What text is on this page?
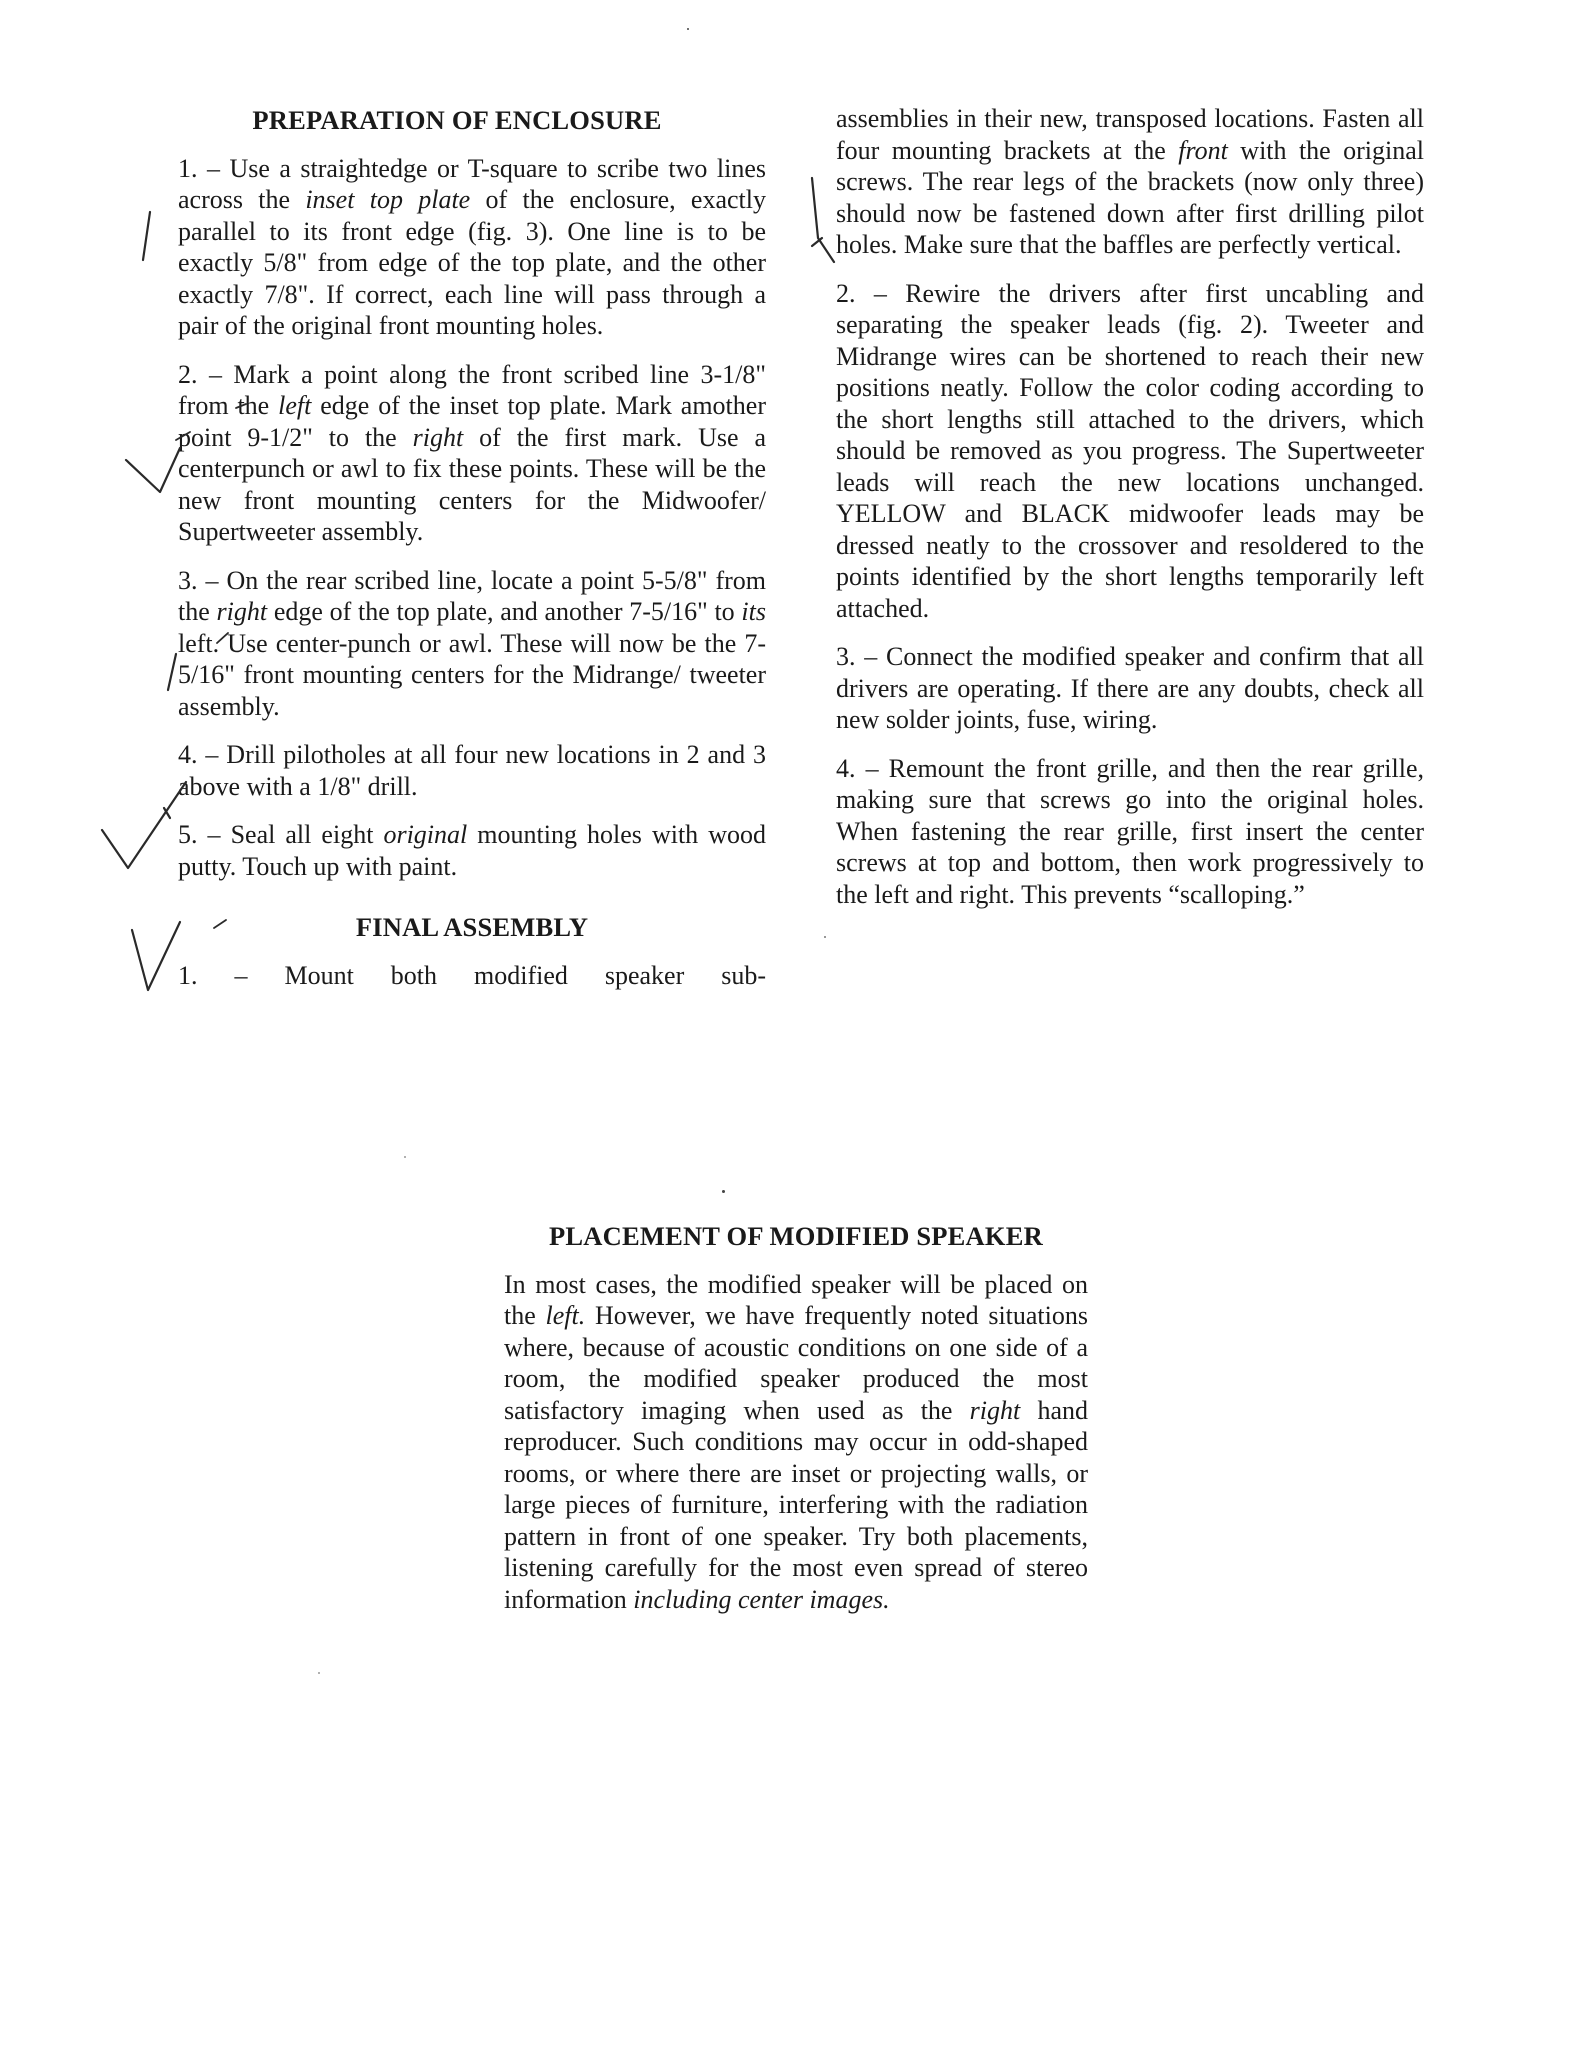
PREPARATION OF ENCLOSURE

1. – Use a straightedge or T-square to scribe two lines across the inset top plate of the enclosure, exactly parallel to its front edge (fig. 3). One line is to be exactly 5/8" from edge of the top plate, and the other exactly 7/8". If correct, each line will pass through a pair of the original front mounting holes.

2. – Mark a point along the front scribed line 3-1/8" from the left edge of the inset top plate. Mark amother point 9-1/2" to the right of the first mark. Use a centerpunch or awl to fix these points. These will be the new front mounting centers for the Midwoofer/ Supertweeter assembly.

3. – On the rear scribed line, locate a point 5-5/8" from the right edge of the top plate, and another 7-5/16" to its left. Use center-punch or awl. These will now be the 7-5/16" front mounting centers for the Midrange/ tweeter assembly.

4. – Drill pilotholes at all four new locations in 2 and 3 above with a 1/8" drill.

5. – Seal all eight original mounting holes with wood putty. Touch up with paint.

FINAL ASSEMBLY

1. – Mount both modified speaker sub-

assemblies in their new, transposed locations. Fasten all four mounting brackets at the front with the original screws. The rear legs of the brackets (now only three) should now be fastened down after first drilling pilot holes. Make sure that the baffles are perfectly vertical.

2. – Rewire the drivers after first uncabling and separating the speaker leads (fig. 2). Tweeter and Midrange wires can be shortened to reach their new positions neatly. Follow the color coding according to the short lengths still attached to the drivers, which should be removed as you progress. The Supertweeter leads will reach the new locations unchanged. YELLOW and BLACK midwoofer leads may be dressed neatly to the crossover and resoldered to the points identified by the short lengths temporarily left attached.

3. – Connect the modified speaker and confirm that all drivers are operating. If there are any doubts, check all new solder joints, fuse, wiring.

4. – Remount the front grille, and then the rear grille, making sure that screws go into the original holes. When fastening the rear grille, first insert the center screws at top and bottom, then work progressively to the left and right. This prevents “scalloping.”

PLACEMENT OF MODIFIED SPEAKER

In most cases, the modified speaker will be placed on the left. However, we have frequently noted situations where, because of acoustic conditions on one side of a room, the modified speaker produced the most satisfactory imaging when used as the right hand reproducer. Such conditions may occur in odd-shaped rooms, or where there are inset or projecting walls, or large pieces of furniture, interfering with the radiation pattern in front of one speaker. Try both placements, listening carefully for the most even spread of stereo information including center images.
